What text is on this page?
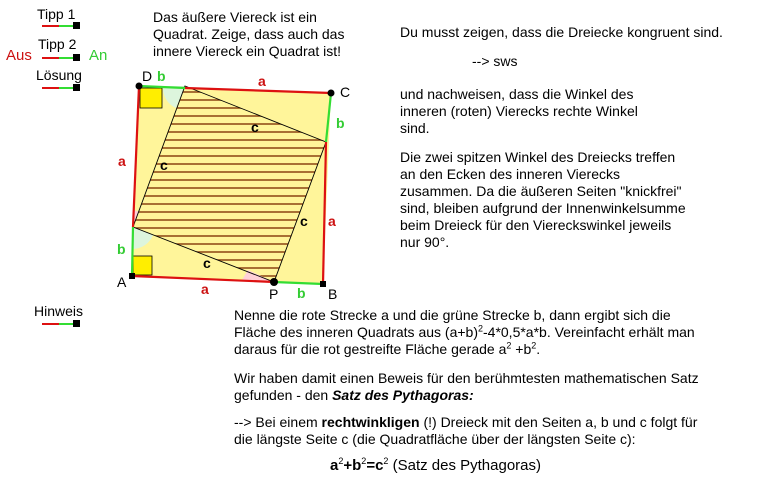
Tipp 1
Tipp 2
Aus	An
Lösung
Hinweis

Das äußere Viereck ist ein

Quadrat. Zeige, dass auch das

innere Viereck ein Quadrat ist!

D
C
A
B
P
b	a
b
a
b
a
b
a
c
c
c
c
Du musst zeigen, dass die Dreiecke kongruent sind.
--> sws

und nachweisen, dass die Winkel des

inneren (roten) Vierecks rechte Winkel

sind.

Die zwei spitzen Winkel des Dreiecks treffen

an den Ecken des inneren Vierecks

zusammen. Da die äußeren Seiten "knickfrei"

sind, bleiben aufgrund der Innenwinkelsumme

beim Dreieck für den Viereckswinkel jeweils

nur 90°.

Nenne die rote Strecke a und die grüne Strecke b, dann ergibt sich die

Fläche des inneren Quadrats aus $(a+b)^2-4*0,5*a*b$. Vereinfacht erhält man

daraus für die rot gestreifte Fläche gerade $a^2 +b^2$.

Wir haben damit einen Beweis für den berühmtesten mathematischen Satz

gefunden - den Satz des Pythagoras:

--> Bei einem rechtwinkligen (!) Dreieck mit den Seiten a, b und c folgt für

die längste Seite c (die Quadratfläche über der längsten Seite c):

$a^2+b^2=c^2$ (Satz des Pythagoras)
